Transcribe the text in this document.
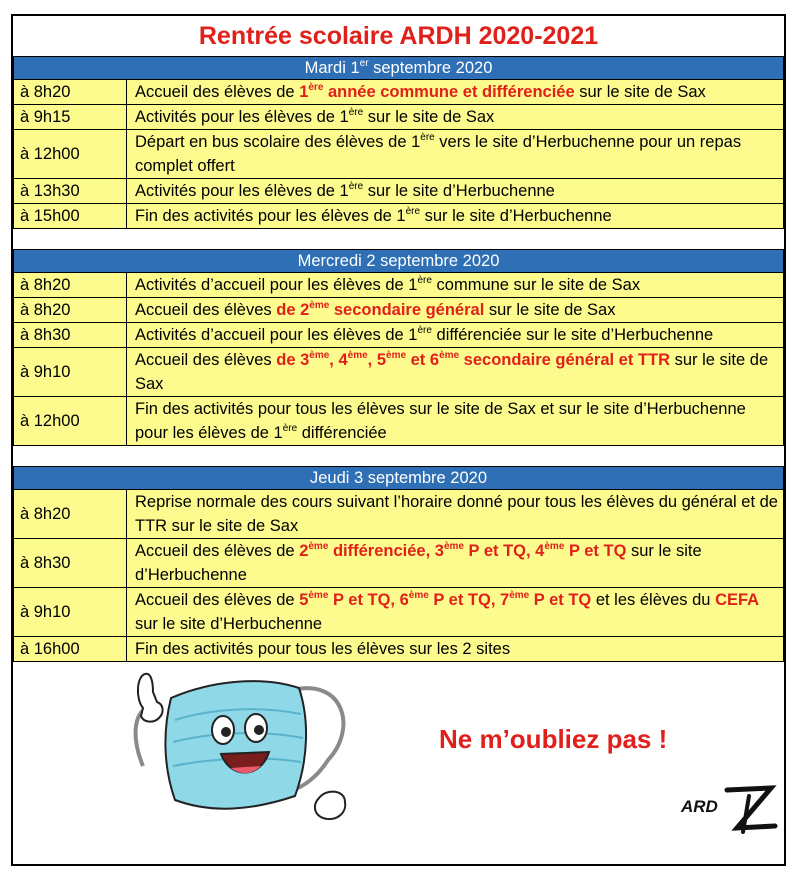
Rentrée scolaire ARDH 2020-2021
Mardi 1er septembre 2020	
à 8h20	Accueil des élèves de 1ère année commune et différenciée sur le site de Sax
à 9h15	Activités pour les élèves de 1ère sur le site de Sax
à 12h00	Départ en bus scolaire des élèves de 1ère vers le site d’Herbuchenne pour un repas complet offert
à 13h30	Activités pour les élèves de 1ère sur le site d’Herbuchenne
à 15h00	Fin des activités pour les élèves de 1ère sur le site d’Herbuchenne

Mercredi 2 septembre 2020	
à 8h20	Activités d’accueil pour les élèves de 1ère commune sur le site de Sax
à 8h20	Accueil des élèves de 2ème secondaire général sur le site de Sax
à 8h30	Activités d’accueil pour les élèves de 1ère différenciée sur le site d’Herbuchenne
à 9h10	Accueil des élèves de 3ème, 4ème, 5ème et 6ème secondaire général et TTR sur le site de Sax
à 12h00	Fin des activités pour tous les élèves sur le site de Sax et sur le site d’Herbuchenne pour les élèves de 1ère différenciée

Jeudi 3 septembre 2020	
à 8h20	Reprise normale des cours suivant l’horaire donné pour tous les élèves du général et de TTR sur le site de Sax
à 8h30	Accueil des élèves de 2ème différenciée, 3ème P et TQ, 4ème P et TQ sur le site d’Herbuchenne
à 9h10	Accueil des élèves de 5ème P et TQ, 6ème P et TQ, 7ème P et TQ et les élèves du CEFA sur le site d’Herbuchenne
à 16h00	Fin des activités pour tous les élèves sur les 2 sites
Ne m’oubliez pas !
ARD
